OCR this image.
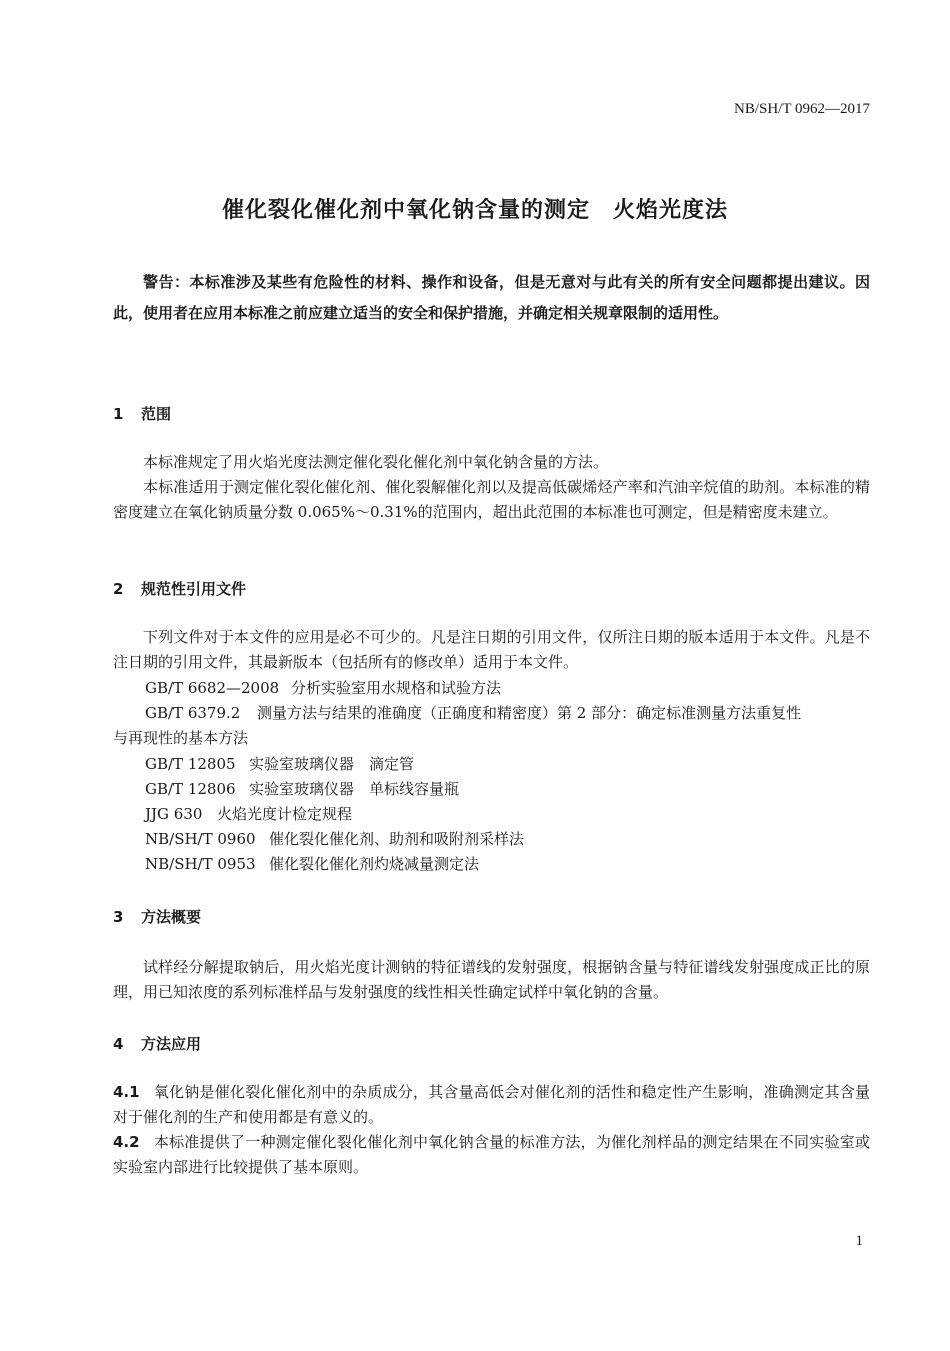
NB/SH/T 0962—2017
催化裂化催化剂中氧化钠含量的测定　火焰光度法
警告：本标准涉及某些有危险性的材料、操作和设备，但是无意对与此有关的所有安全问题都提出建议。因此，使用者在应用本标准之前应建立适当的安全和保护措施，并确定相关规章限制的适用性。
1 范围
本标准规定了用火焰光度法测定催化裂化催化剂中氧化钠含量的方法。
本标准适用于测定催化裂化催化剂、催化裂解催化剂以及提高低碳烯烃产率和汽油辛烷值的助剂。本标准的精密度建立在氧化钠质量分数 0.065%～0.31%的范围内，超出此范围的本标准也可测定，但是精密度未建立。
2 规范性引用文件
下列文件对于本文件的应用是必不可少的。凡是注日期的引用文件，仅所注日期的版本适用于本文件。凡是不注日期的引用文件，其最新版本（包括所有的修改单）适用于本文件。
GB/T 6682—2008 分析实验室用水规格和试验方法
GB/T 6379.2 测量方法与结果的准确度（正确度和精密度）第 2 部分：确定标准测量方法重复性
与再现性的基本方法
GB/T 12805 实验室玻璃仪器　滴定管
GB/T 12806 实验室玻璃仪器　单标线容量瓶
JJG 630 火焰光度计检定规程
NB/SH/T 0960 催化裂化催化剂、助剂和吸附剂采样法
NB/SH/T 0953 催化裂化催化剂灼烧减量测定法
3 方法概要
试样经分解提取钠后，用火焰光度计测钠的特征谱线的发射强度，根据钠含量与特征谱线发射强度成正比的原理，用已知浓度的系列标准样品与发射强度的线性相关性确定试样中氧化钠的含量。
4 方法应用
4.1 氧化钠是催化裂化催化剂中的杂质成分，其含量高低会对催化剂的活性和稳定性产生影响，准确测定其含量对于催化剂的生产和使用都是有意义的。
4.2 本标准提供了一种测定催化裂化催化剂中氧化钠含量的标准方法，为催化剂样品的测定结果在不同实验室或实验室内部进行比较提供了基本原则。
1
